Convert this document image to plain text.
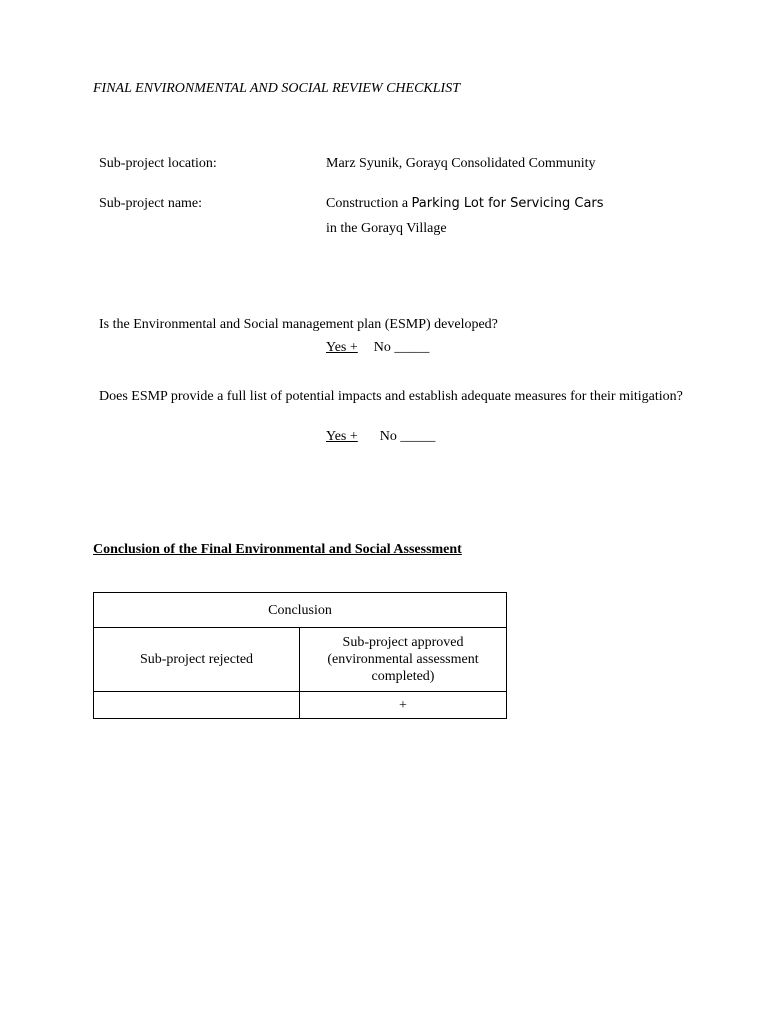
FINAL ENVIRONMENTAL AND SOCIAL REVIEW CHECKLIST
Sub-project location:	Marz Syunik, Gorayq Consolidated Community
Sub-project name:	Construction a Parking Lot for Servicing Cars
in the Gorayq Village
Is the Environmental and Social management plan (ESMP) developed?
Yes + No _____
Does ESMP provide a full list of potential impacts and establish adequate measures for their mitigation?
Yes + No _____
Conclusion of the Final Environmental and Social Assessment
Conclusion	
Sub-project rejected	Sub-project approved (environmental assessment completed)
	+
